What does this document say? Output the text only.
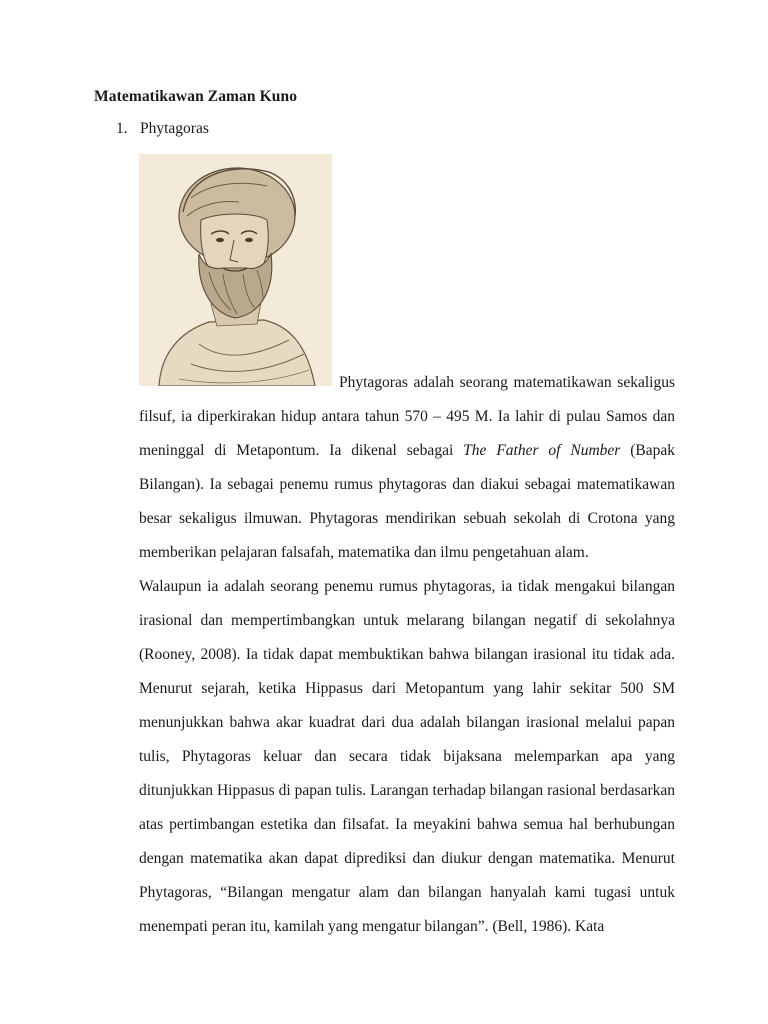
Matematikawan Zaman Kuno
1. Phytagoras

Phytagoras adalah seorang matematikawan sekaligus filsuf, ia diperkirakan hidup antara tahun 570 – 495 M. Ia lahir di pulau Samos dan meninggal di Metapontum. Ia dikenal sebagai The Father of Number (Bapak Bilangan). Ia sebagai penemu rumus phytagoras dan diakui sebagai matematikawan besar sekaligus ilmuwan. Phytagoras mendirikan sebuah sekolah di Crotona yang memberikan pelajaran falsafah, matematika dan ilmu pengetahuan alam.

Walaupun ia adalah seorang penemu rumus phytagoras, ia tidak mengakui bilangan irasional dan mempertimbangkan untuk melarang bilangan negatif di sekolahnya (Rooney, 2008). Ia tidak dapat membuktikan bahwa bilangan irasional itu tidak ada. Menurut sejarah, ketika Hippasus dari Metopantum yang lahir sekitar 500 SM menunjukkan bahwa akar kuadrat dari dua adalah bilangan irasional melalui papan tulis, Phytagoras keluar dan secara tidak bijaksana melemparkan apa yang ditunjukkan Hippasus di papan tulis. Larangan terhadap bilangan rasional berdasarkan atas pertimbangan estetika dan filsafat. Ia meyakini bahwa semua hal berhubungan dengan matematika akan dapat diprediksi dan diukur dengan matematika. Menurut Phytagoras, “Bilangan mengatur alam dan bilangan hanyalah kami tugasi untuk menempati peran itu, kamilah yang mengatur bilangan”. (Bell, 1986). Kata
